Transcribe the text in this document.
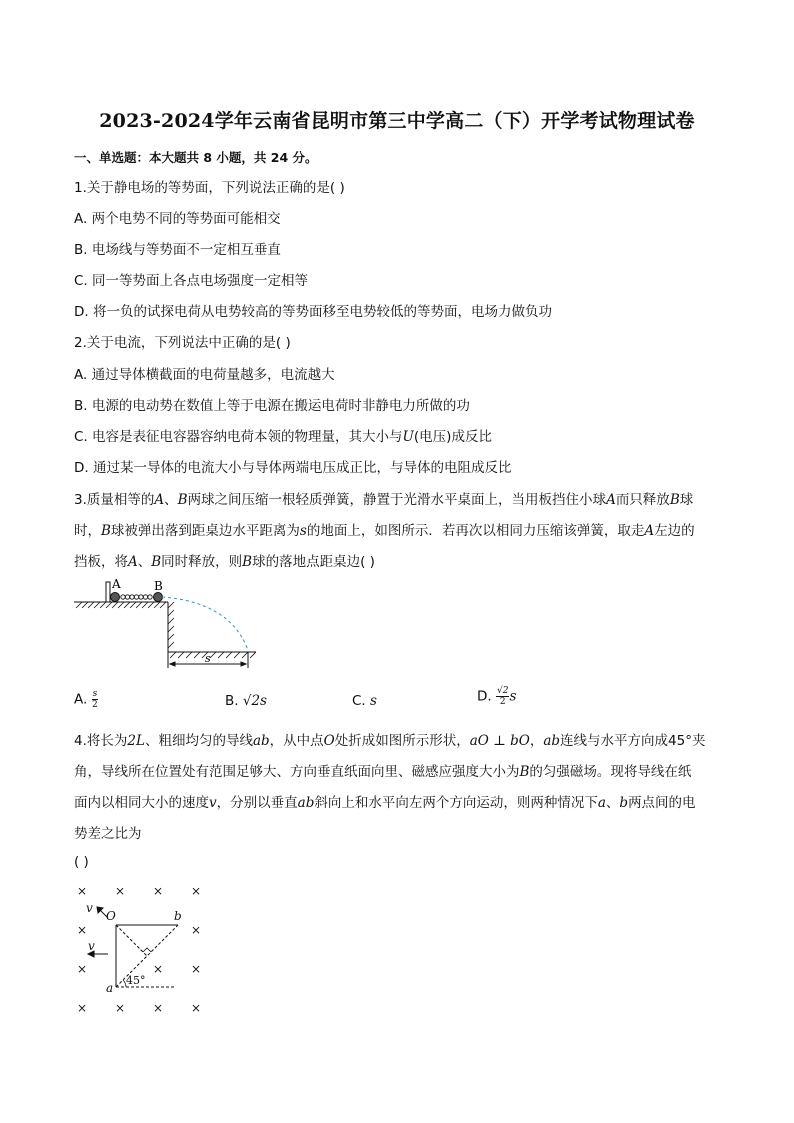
2023-2024学年云南省昆明市第三中学高二（下）开学考试物理试卷
一、单选题：本大题共 8 小题，共 24 分。
1.关于静电场的等势面，下列说法正确的是( )
A. 两个电势不同的等势面可能相交
B. 电场线与等势面不一定相互垂直
C. 同一等势面上各点电场强度一定相等
D. 将一负的试探电荷从电势较高的等势面移至电势较低的等势面，电场力做负功
2.关于电流，下列说法中正确的是( )
A. 通过导体横截面的电荷量越多，电流越大
B. 电源的电动势在数值上等于电源在搬运电荷时非静电力所做的功
C. 电容是表征电容器容纳电荷本领的物理量，其大小与U(电压)成反比
D. 通过某一导体的电流大小与导体两端电压成正比，与导体的电阻成反比
3.质量相等的A、B两球之间压缩一根轻质弹簧，静置于光滑水平桌面上，当用板挡住小球A而只释放B球
时，B球被弹出落到距桌边水平距离为s的地面上，如图所示．若再次以相同力压缩该弹簧，取走A左边的
挡板，将A、B同时释放，则B球的落地点距桌边( )
A	B
s
A. $\frac{s}{2}$	B. √2s	C. s	D. $\frac{√2}{2}$ s
4.将长为2L、粗细均匀的导线ab，从中点O处折成如图所示形状，aO ⊥ bO，ab连线与水平方向成45°夹
角，导线所在位置处有范围足够大、方向垂直纸面向里、磁感应强度大小为B的匀强磁场。现将导线在纸
面内以相同大小的速度v，分别以垂直ab斜向上和水平向左两个方向运动，则两种情况下a、b两点间的电
势差之比为
( )
× × × ×
×	×
×	× ×
× × × ×
v
O	b
v
a
45°
